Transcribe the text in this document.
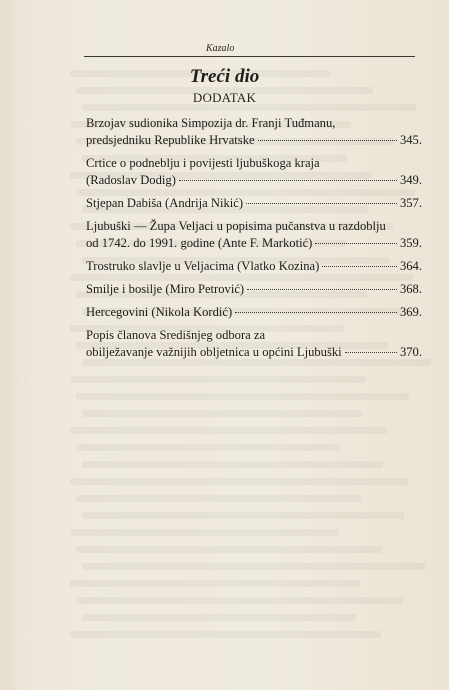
Kazalo
Treći dio
DODATAK
Brzojav sudionika Simpozija dr. Franji Tuđmanu,
predsjedniku Republike Hrvatske	345.
Crtice o podneblju i povijesti ljubuškoga kraja
(Radoslav Dodig)	349.
Stjepan Dabiša (Andrija Nikić)	357.
Ljubuški — Župa Veljaci u popisima pučanstva u razdoblju
od 1742. do 1991. godine (Ante F. Markotić)	359.
Trostruko slavlje u Veljacima (Vlatko Kozina)	364.
Smilje i bosilje (Miro Petrović)	368.
Hercegovini (Nikola Kordić)	369.
Popis članova Središnjeg odbora za
obilježavanje važnijih obljetnica u općini Ljubuški	370.
